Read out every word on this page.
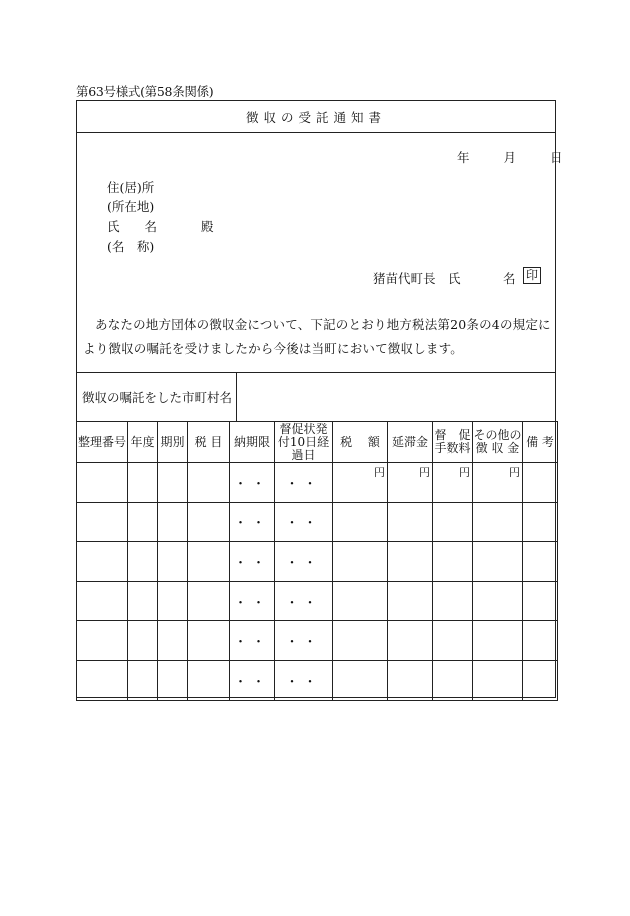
第63号様式(第58条関係)
徴収の受託通知書
年	月	日
住(居)所
(所在地)
氏　　名	殿
(名　称)
猪苗代町長　氏	名 印
あなたの地方団体の徴収金について、下記のとおり地方税法第20条の4の規定により徴収の嘱託を受けましたから今後は当町において徴収します。
徴収の嘱託をした市町村名
整理番号	年度	期別	税 目	納期限	督促状発付10日経過日	税　 額	延滞金	督　促手数料	その他の徴 収 金	備 考
				・・	・・	円	円	円	円	

				・・	・・					
				・・	・・					
				・・	・・					
				・・	・・					
				・・	・・					
